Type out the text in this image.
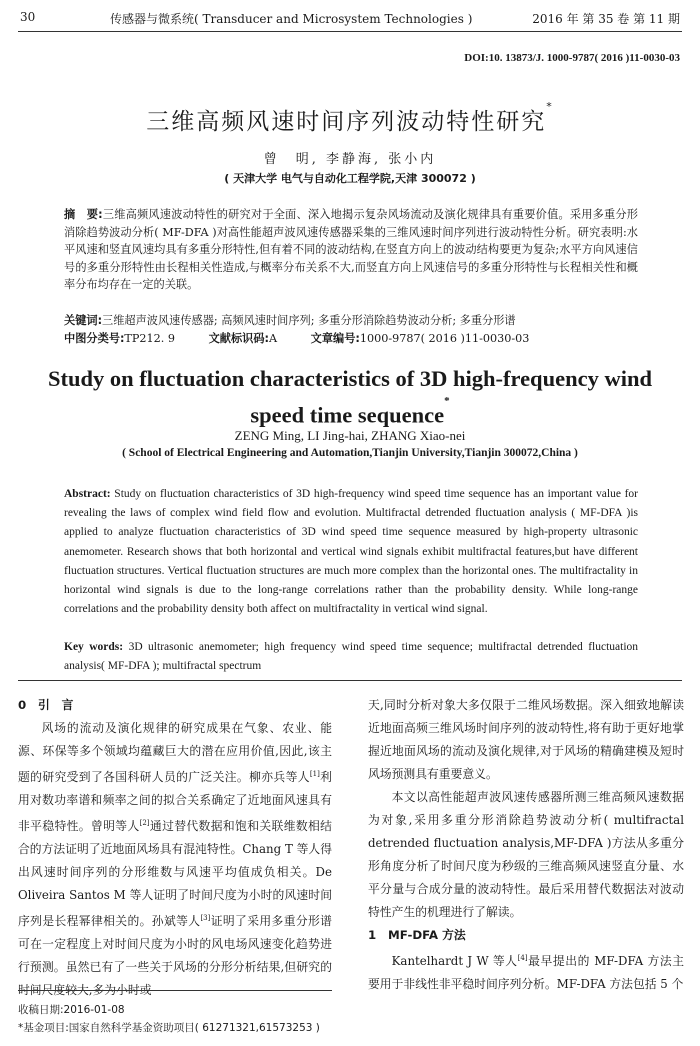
30	传感器与微系统( Transducer and Microsystem Technologies )	2016 年 第 35 卷 第 11 期
DOI:10. 13873/J. 1000-9787( 2016 )11-0030-03
三维高频风速时间序列波动特性研究*
曾　明, 李静海, 张小内
( 天津大学 电气与自动化工程学院,天津 300072 )
摘　要:三维高频风速波动特性的研究对于全面、深入地揭示复杂风场流动及演化规律具有重要价值。采用多重分形消除趋势波动分析( MF-DFA )对高性能超声波风速传感器采集的三维风速时间序列进行波动特性分析。研究表明:水平风速和竖直风速均具有多重分形特性,但有着不同的波动结构,在竖直方向上的波动结构要更为复杂;水平方向风速信号的多重分形特性由长程相关性造成,与概率分布关系不大,而竖直方向上风速信号的多重分形特性与长程相关性和概率分布均存在一定的关联。
关键词:三维超声波风速传感器; 高频风速时间序列; 多重分形消除趋势波动分析; 多重分形谱
中图分类号:TP212. 9	文献标识码:A	文章编号:1000-9787( 2016 )11-0030-03
Study on fluctuation characteristics of 3D high-frequency wind speed time sequence*
ZENG Ming, LI Jing-hai, ZHANG Xiao-nei
( School of Electrical Engineering and Automation,Tianjin University,Tianjin 300072,China )
Abstract: Study on fluctuation characteristics of 3D high-frequency wind speed time sequence has an important value for revealing the laws of complex wind field flow and evolution. Multifractal detrended fluctuation analysis ( MF-DFA )is applied to analyze fluctuation characteristics of 3D wind speed time sequence measured by high-property ultrasonic anemometer. Research shows that both horizontal and vertical wind signals exhibit multifractal features,but have different fluctuation structures. Vertical fluctuation structures are much more complex than the horizontal ones. The multifractality in horizontal wind signals is due to the long-range correlations rather than the probability density. While long-range correlations and the probability density both affect on multifractality in vertical wind signal.
Key words: 3D ultrasonic anemometer; high frequency wind speed time sequence; multifractal detrended fluctuation analysis( MF-DFA ); multifractal spectrum
0　引　言

风场的流动及演化规律的研究成果在气象、农业、能源、环保等多个领域均蕴藏巨大的潜在应用价值,因此,该主题的研究受到了各国科研人员的广泛关注。柳亦兵等人[1]利用对数功率谱和频率之间的拟合关系确定了近地面风速具有非平稳特性。曾明等人[2]通过替代数据和饱和关联维数相结合的方法证明了近地面风场具有混沌特性。Chang T 等人得出风速时间序列的分形维数与风速平均值成负相关。De Oliveira Santos M 等人证明了时间尺度为小时的风速时间序列是长程幂律相关的。孙斌等人[3]证明了采用多重分形谱可在一定程度上对时间尺度为小时的风电场风速变化趋势进行预测。虽然已有了一些关于风场的分形分析结果,但研究的时间尺度较大,多为小时或

天,同时分析对象大多仅限于二维风场数据。深入细致地解读近地面高频三维风场时间序列的波动特性,将有助于更好地掌握近地面风场的流动及演化规律,对于风场的精确建模及短时风场预测具有重要意义。

本文以高性能超声波风速传感器所测三维高频风速数据为对象,采用多重分形消除趋势波动分析( multifractal detrended fluctuation analysis,MF-DFA )方法从多重分形角度分析了时间尺度为秒级的三维高频风速竖直分量、水平分量与合成分量的波动特性。最后采用替代数据法对波动特性产生的机理进行了解读。

1　MF-DFA 方法

Kantelhardt J W 等人[4]最早提出的 MF-DFA 方法主要用于非线性非平稳时间序列分析。MF-DFA 方法包括 5 个

收稿日期:2016-01-08
*基金项目:国家自然科学基金资助项目( 61271321,61573253 )
